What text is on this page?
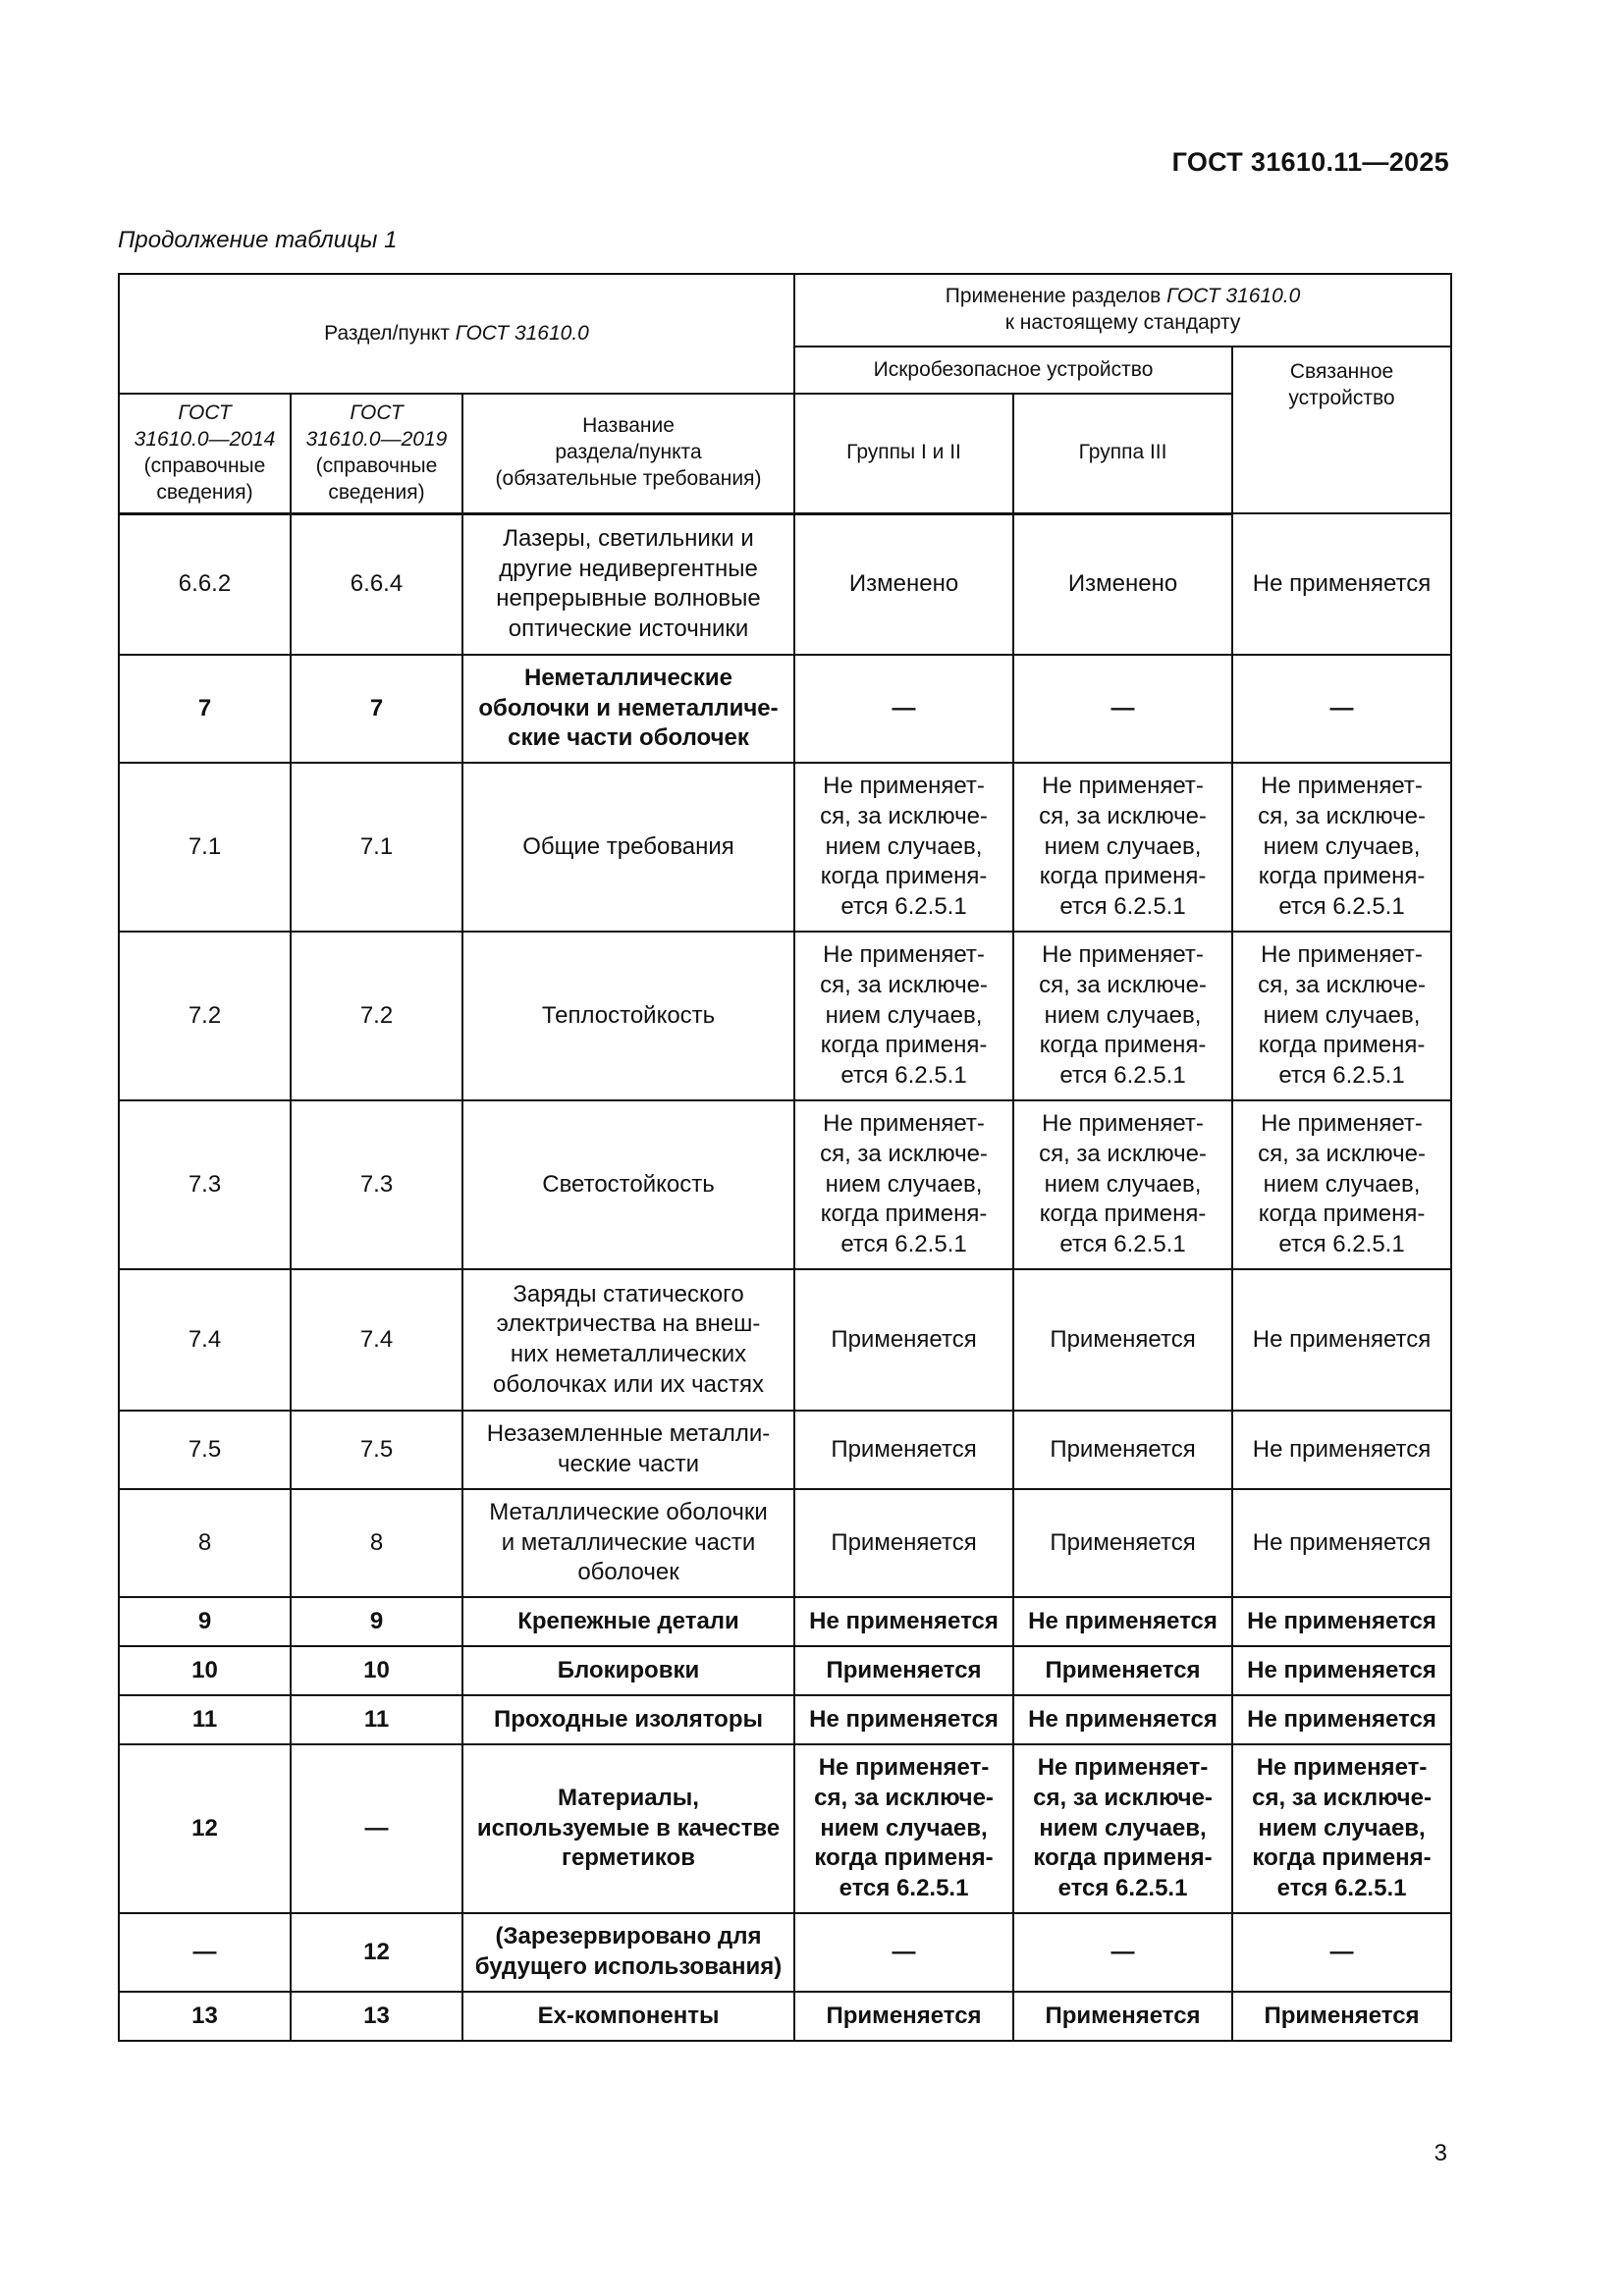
ГОСТ 31610.11—2025
Продолжение таблицы 1
Раздел/пункт ГОСТ 31610.0			Применение разделов ГОСТ 31610.0
к настоящему стандарту		

			Искробезопасное устройство		Связанное
устройство

ГОСТ
31610.0—2014
(справочные
сведения)	ГОСТ
31610.0—2019
(справочные
сведения)	Название
раздела/пункта
(обязательные требования)	Группы I и II	Группа III	
6.6.2	6.6.4	Лазеры, светильники и
другие недивергентные
непрерывные волновые
оптические источники	Изменено	Изменено	Не применяется

7	7	Неметаллические
оболочки и неметалличе-
ские части оболочек	—	—	—

7.1	7.1	Общие требования	Не применяет-
ся, за исключе-
нием случаев,
когда применя-
ется 6.2.5.1	Не применяет-
ся, за исключе-
нием случаев,
когда применя-
ется 6.2.5.1	Не применяет-
ся, за исключе-
нием случаев,
когда применя-
ется 6.2.5.1

7.2	7.2	Теплостойкость	Не применяет-
ся, за исключе-
нием случаев,
когда применя-
ется 6.2.5.1	Не применяет-
ся, за исключе-
нием случаев,
когда применя-
ется 6.2.5.1	Не применяет-
ся, за исключе-
нием случаев,
когда применя-
ется 6.2.5.1

7.3	7.3	Светостойкость	Не применяет-
ся, за исключе-
нием случаев,
когда применя-
ется 6.2.5.1	Не применяет-
ся, за исключе-
нием случаев,
когда применя-
ется 6.2.5.1	Не применяет-
ся, за исключе-
нием случаев,
когда применя-
ется 6.2.5.1

7.4	7.4	Заряды статического
электричества на внеш-
них неметаллических
оболочках или их частях	Применяется	Применяется	Не применяется

7.5	7.5	Незаземленные металли-
ческие части	Применяется	Применяется	Не применяется

8	8	Металлические оболочки
и металлические части
оболочек	Применяется	Применяется	Не применяется

9	9	Крепежные детали	Не применяется	Не применяется	Не применяется

10	10	Блокировки	Применяется	Применяется	Не применяется

11	11	Проходные изоляторы	Не применяется	Не применяется	Не применяется

12	—	Материалы,
используемые в качестве
герметиков	Не применяет-
ся, за исключе-
нием случаев,
когда применя-
ется 6.2.5.1	Не применяет-
ся, за исключе-
нием случаев,
когда применя-
ется 6.2.5.1	Не применяет-
ся, за исключе-
нием случаев,
когда применя-
ется 6.2.5.1

—	12	(Зарезервировано для
будущего использования)	—	—	—

13	13	Ex-компоненты	Применяется	Применяется	Применяется
3
